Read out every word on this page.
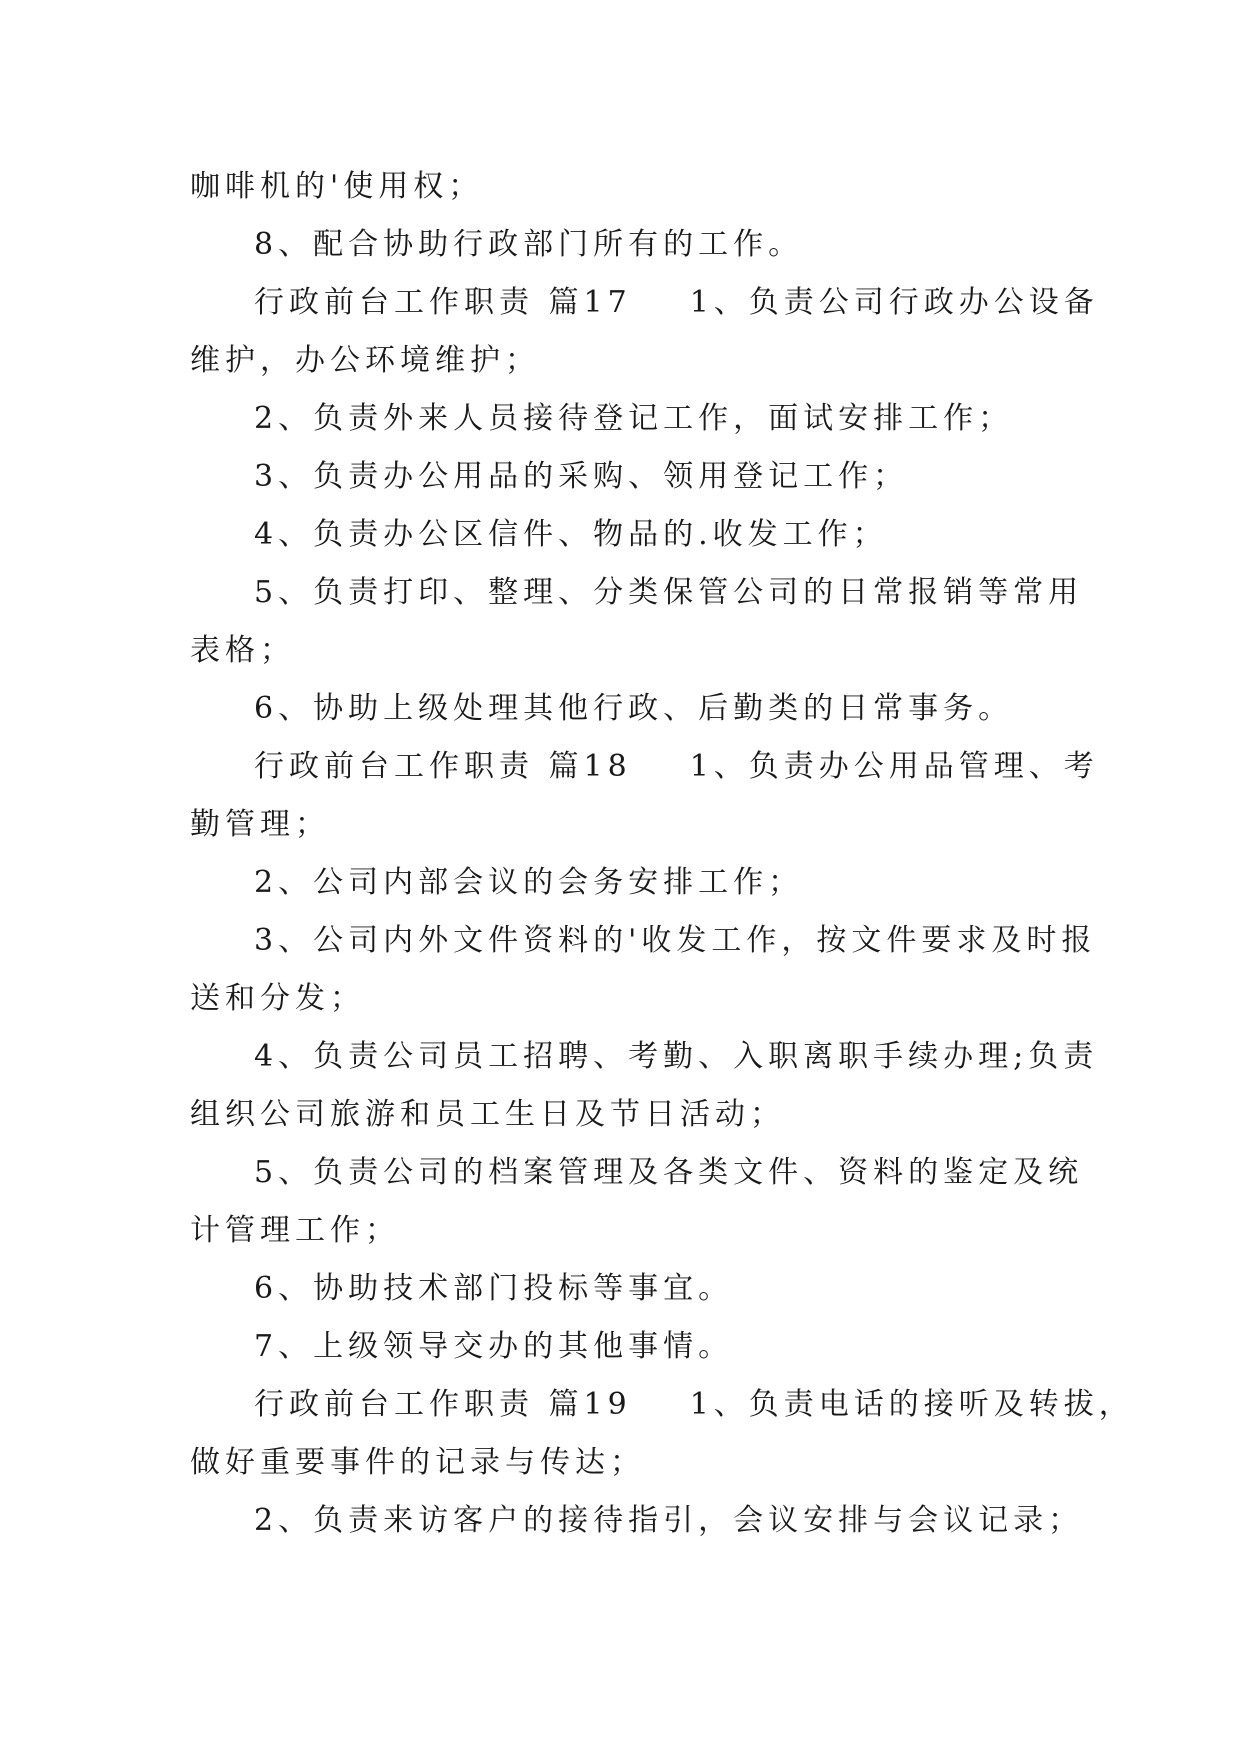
咖啡机的'使用权；
8、配合协助行政部门所有的工作。
行政前台工作职责 篇17 1、负责公司行政办公设备
维护，办公环境维护；
2、负责外来人员接待登记工作，面试安排工作；
3、负责办公用品的采购、领用登记工作；
4、负责办公区信件、物品的.收发工作；
5、负责打印、整理、分类保管公司的日常报销等常用
表格；
6、协助上级处理其他行政、后勤类的日常事务。
行政前台工作职责 篇18 1、负责办公用品管理、考
勤管理；
2、公司内部会议的会务安排工作；
3、公司内外文件资料的'收发工作，按文件要求及时报
送和分发；
4、负责公司员工招聘、考勤、入职离职手续办理;负责
组织公司旅游和员工生日及节日活动；
5、负责公司的档案管理及各类文件、资料的鉴定及统
计管理工作；
6、协助技术部门投标等事宜。
7、上级领导交办的其他事情。
行政前台工作职责 篇19 1、负责电话的接听及转拔，
做好重要事件的记录与传达；
2、负责来访客户的接待指引，会议安排与会议记录；
